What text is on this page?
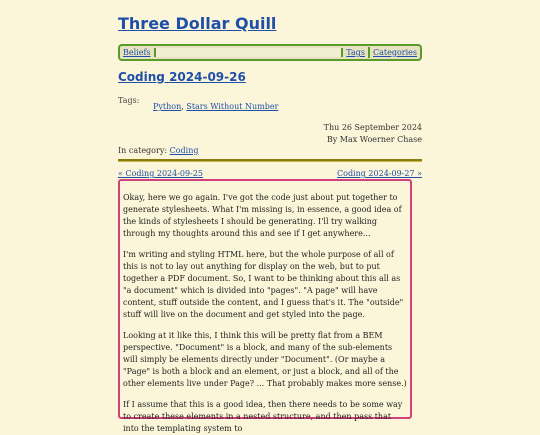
Three Dollar Quill
Beliefs	Tags	Categories
Coding 2024-09-26
Tags:
Python, Stars Without Number
Thu 26 September 2024
By Max Woerner Chase
In category: Coding
« Coding 2024-09-25	Coding 2024-09-27 »

Okay, here we go again. I've got the code just about put together to generate stylesheets. What I'm missing is, in essence, a good idea of the kinds of stylesheets I should be generating. I'll try walking through my thoughts around this and see if I get anywhere...

I'm writing and styling HTML here, but the whole purpose of all of this is not to lay out anything for display on the web, but to put together a PDF document. So, I want to be thinking about this all as "a document" which is divided into "pages". "A page" will have content, stuff outside the content, and I guess that's it. The "outside" stuff will live on the document and get styled into the page.

Looking at it like this, I think this will be pretty flat from a BEM perspective. "Document" is a block, and many of the sub-elements will simply be elements directly under "Document". (Or maybe a "Page" is both a block and an element, or just a block, and all of the other elements live under Page? ... That probably makes more sense.)

If I assume that this is a good idea, then there needs to be some way to create these elements in a nested structure, and then pass that into the templating system to
